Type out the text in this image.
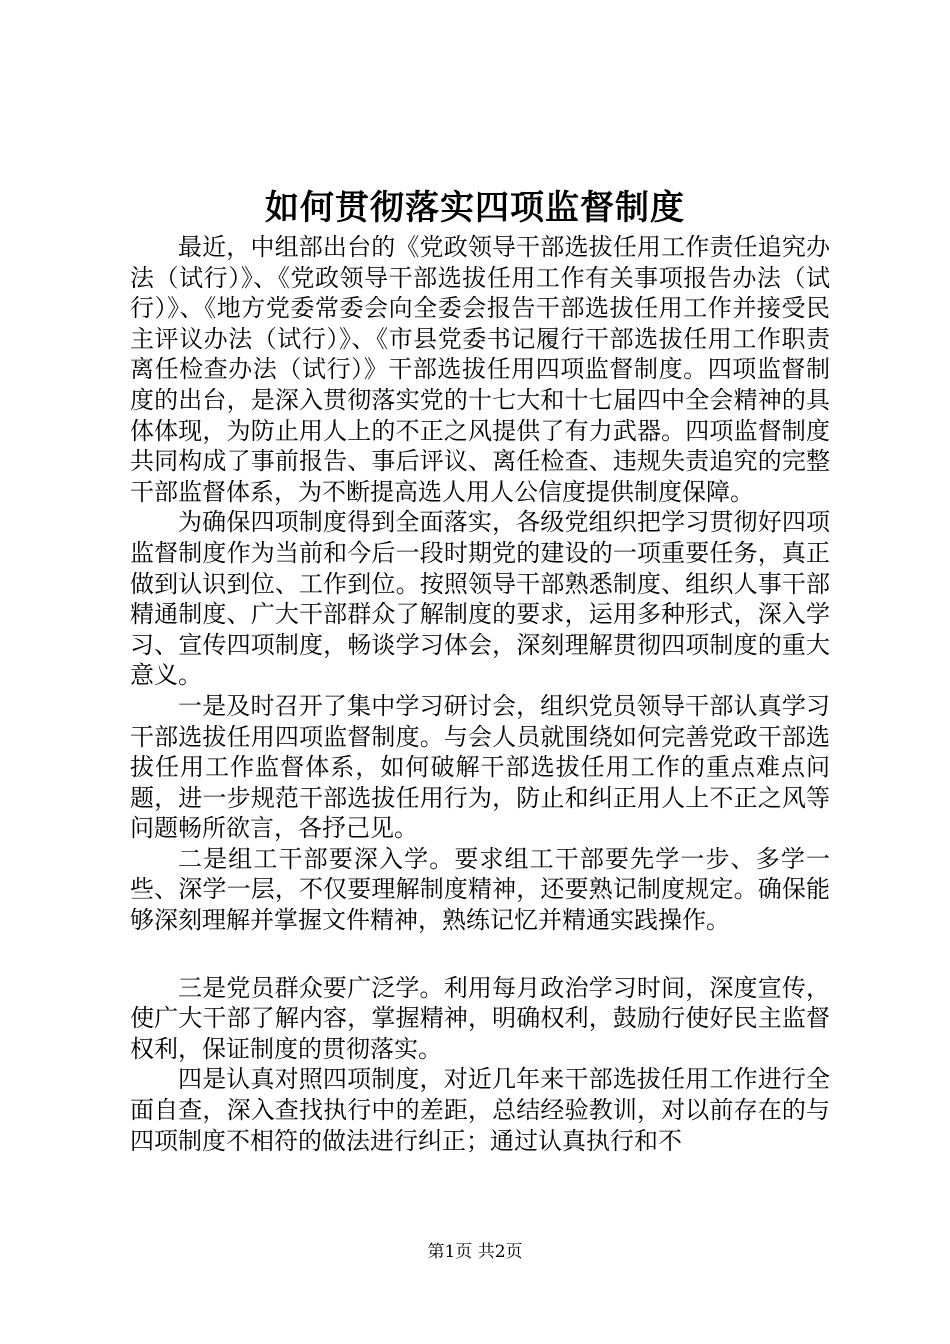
如何贯彻落实四项监督制度

最近，中组部出台的《党政领导干部选拔任用工作责任追究办法（试行）》、《党政领导干部选拔任用工作有关事项报告办法（试行）》、《地方党委常委会向全委会报告干部选拔任用工作并接受民主评议办法（试行）》、《市县党委书记履行干部选拔任用工作职责离任检查办法（试行）》干部选拔任用四项监督制度。四项监督制度的出台，是深入贯彻落实党的十七大和十七届四中全会精神的具体体现，为防止用人上的不正之风提供了有力武器。四项监督制度共同构成了事前报告、事后评议、离任检查、违规失责追究的完整干部监督体系，为不断提高选人用人公信度提供制度保障。

为确保四项制度得到全面落实，各级党组织把学习贯彻好四项监督制度作为当前和今后一段时期党的建设的一项重要任务，真正做到认识到位、工作到位。按照领导干部熟悉制度、组织人事干部精通制度、广大干部群众了解制度的要求，运用多种形式，深入学习、宣传四项制度，畅谈学习体会，深刻理解贯彻四项制度的重大意义。

一是及时召开了集中学习研讨会，组织党员领导干部认真学习干部选拔任用四项监督制度。与会人员就围绕如何完善党政干部选拔任用工作监督体系，如何破解干部选拔任用工作的重点难点问题，进一步规范干部选拔任用行为，防止和纠正用人上不正之风等问题畅所欲言，各抒己见。

二是组工干部要深入学。要求组工干部要先学一步、多学一些、深学一层，不仅要理解制度精神，还要熟记制度规定。确保能够深刻理解并掌握文件精神，熟练记忆并精通实践操作。

三是党员群众要广泛学。利用每月政治学习时间，深度宣传，使广大干部了解内容，掌握精神，明确权利，鼓励行使好民主监督权利，保证制度的贯彻落实。

四是认真对照四项制度，对近几年来干部选拔任用工作进行全面自查，深入查找执行中的差距，总结经验教训，对以前存在的与四项制度不相符的做法进行纠正；通过认真执行和不

第1页 共2页
